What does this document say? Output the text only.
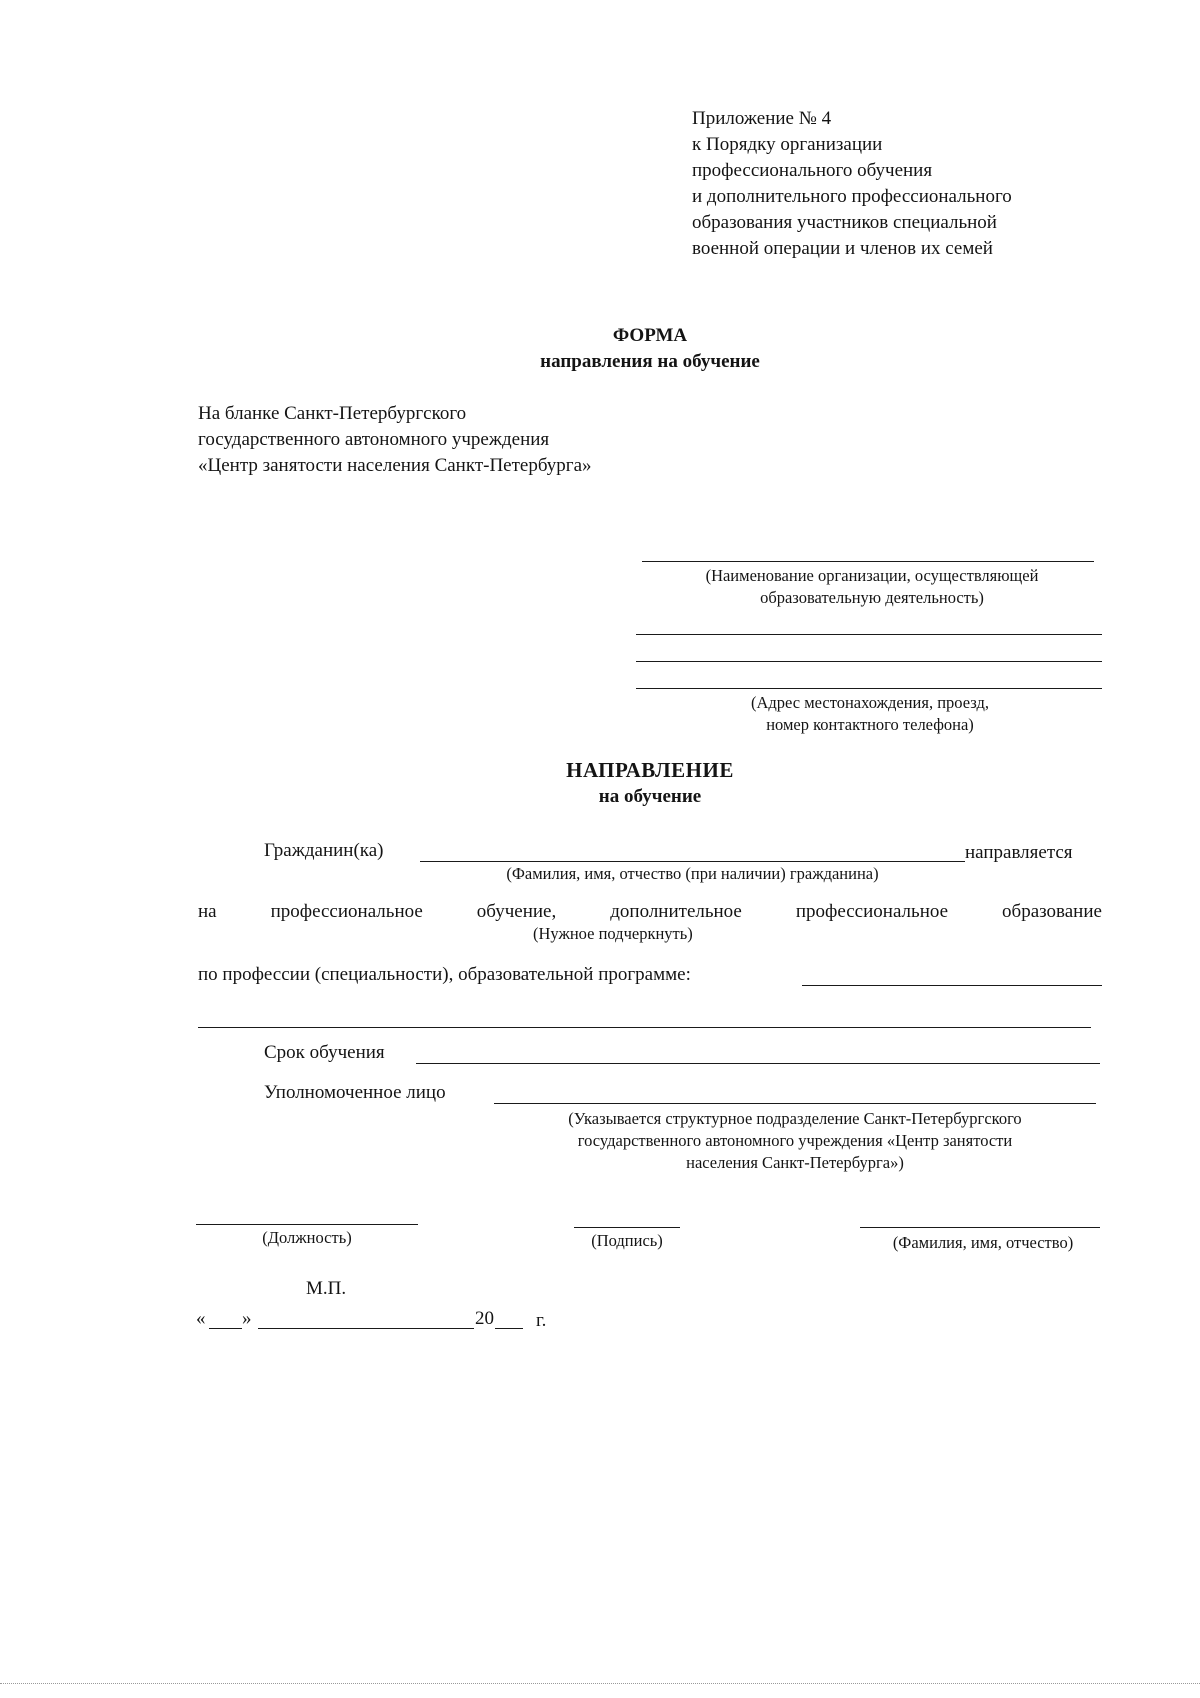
Приложение № 4
к Порядку организации
профессионального обучения
и дополнительного профессионального
образования участников специальной
военной операции и членов их семей
ФОРМА
направления на обучение
На бланке Санкт-Петербургского
государственного автономного учреждения
«Центр занятости населения Санкт-Петербурга»
(Наименование организации, осуществляющей
образовательную деятельность)
(Адрес местонахождения, проезд,
номер контактного телефона)
НАПРАВЛЕНИЕ
на обучение
Гражданин(ка)	направляется
(Фамилия, имя, отчество (при наличии) гражданина)
на	профессиональное	обучение,	дополнительное	профессиональное	образование
(Нужное подчеркнуть)
по профессии (специальности), образовательной программе:
Срок обучения
Уполномоченное лицо
(Указывается структурное подразделение Санкт-Петербургского
государственного автономного учреждения «Центр занятости
населения Санкт-Петербурга»)
(Должность)	(Подпись)	(Фамилия, имя, отчество)
М.П.
« »	20 г.
